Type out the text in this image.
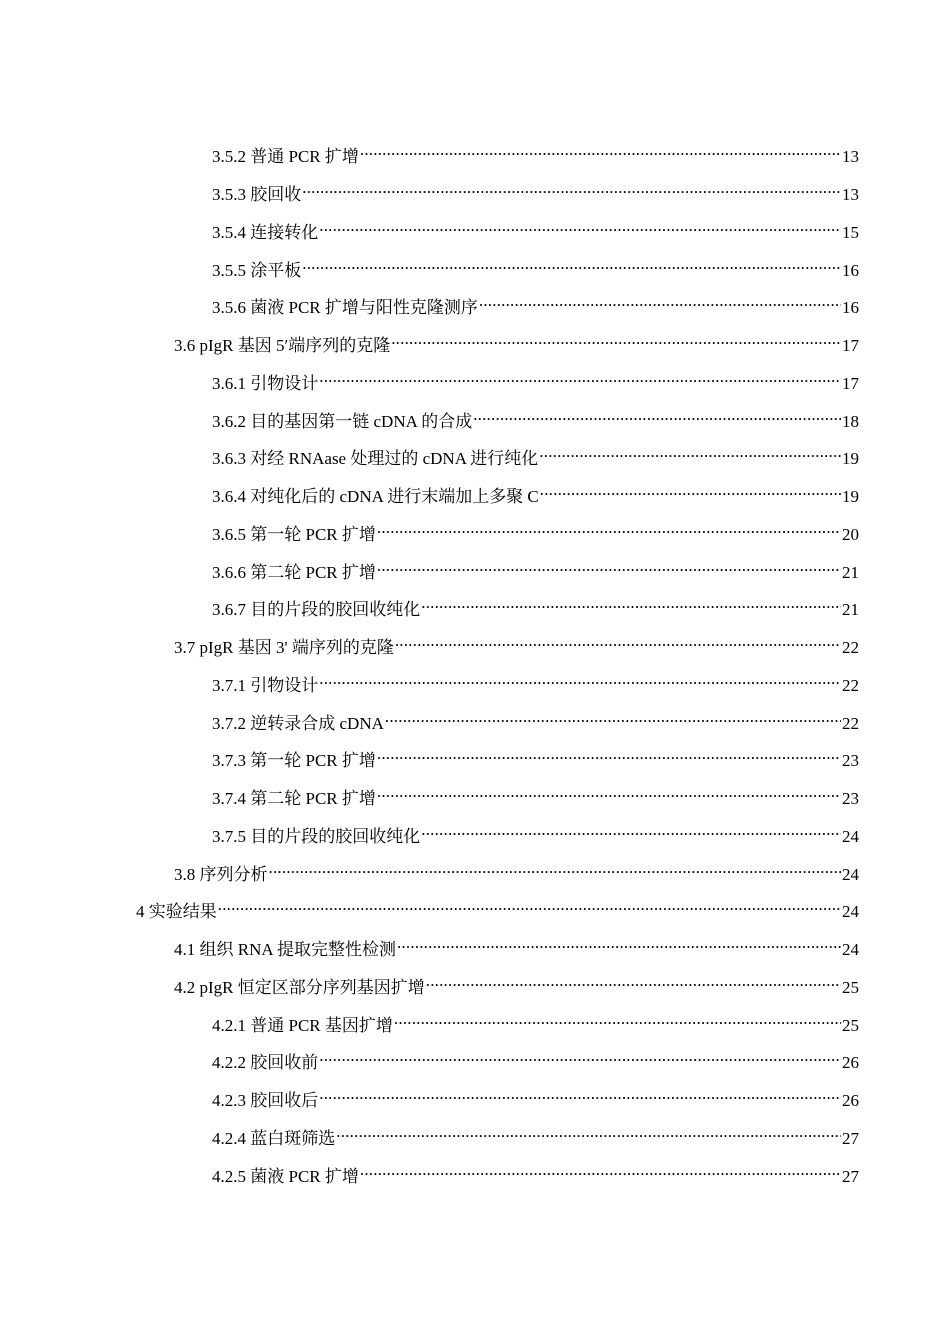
3.5.2 普通 PCR 扩增 .....	13
3.5.3 胶回收 .....	13
3.5.4 连接转化 .....	15
3.5.5 涂平板 .....	16
3.5.6 菌液 PCR 扩增与阳性克隆测序 .....	16
3.6 pIgR 基因 5′端序列的克隆 .....	17
3.6.1 引物设计 .....	17
3.6.2 目的基因第一链 cDNA 的合成 .....	18
3.6.3 对经 RNAase 处理过的 cDNA 进行纯化 .....	19
3.6.4 对纯化后的 cDNA 进行末端加上多聚 C .....	19
3.6.5 第一轮 PCR 扩增 .....	20
3.6.6 第二轮 PCR 扩增 .....	21
3.6.7 目的片段的胶回收纯化 .....	21
3.7 pIgR 基因 3' 端序列的克隆 .....	22
3.7.1 引物设计 .....	22
3.7.2 逆转录合成 cDNA .....	22
3.7.3 第一轮 PCR 扩增 .....	23
3.7.4 第二轮 PCR 扩增 .....	23
3.7.5 目的片段的胶回收纯化 .....	24
3.8 序列分析 .....	24
4 实验结果 .....	24
4.1 组织 RNA 提取完整性检测 .....	24
4.2 pIgR 恒定区部分序列基因扩增 .....	25
4.2.1 普通 PCR 基因扩增 .....	25
4.2.2 胶回收前 .....	26
4.2.3 胶回收后 .....	26
4.2.4 蓝白斑筛选 .....	27
4.2.5 菌液 PCR 扩增 .....	27
